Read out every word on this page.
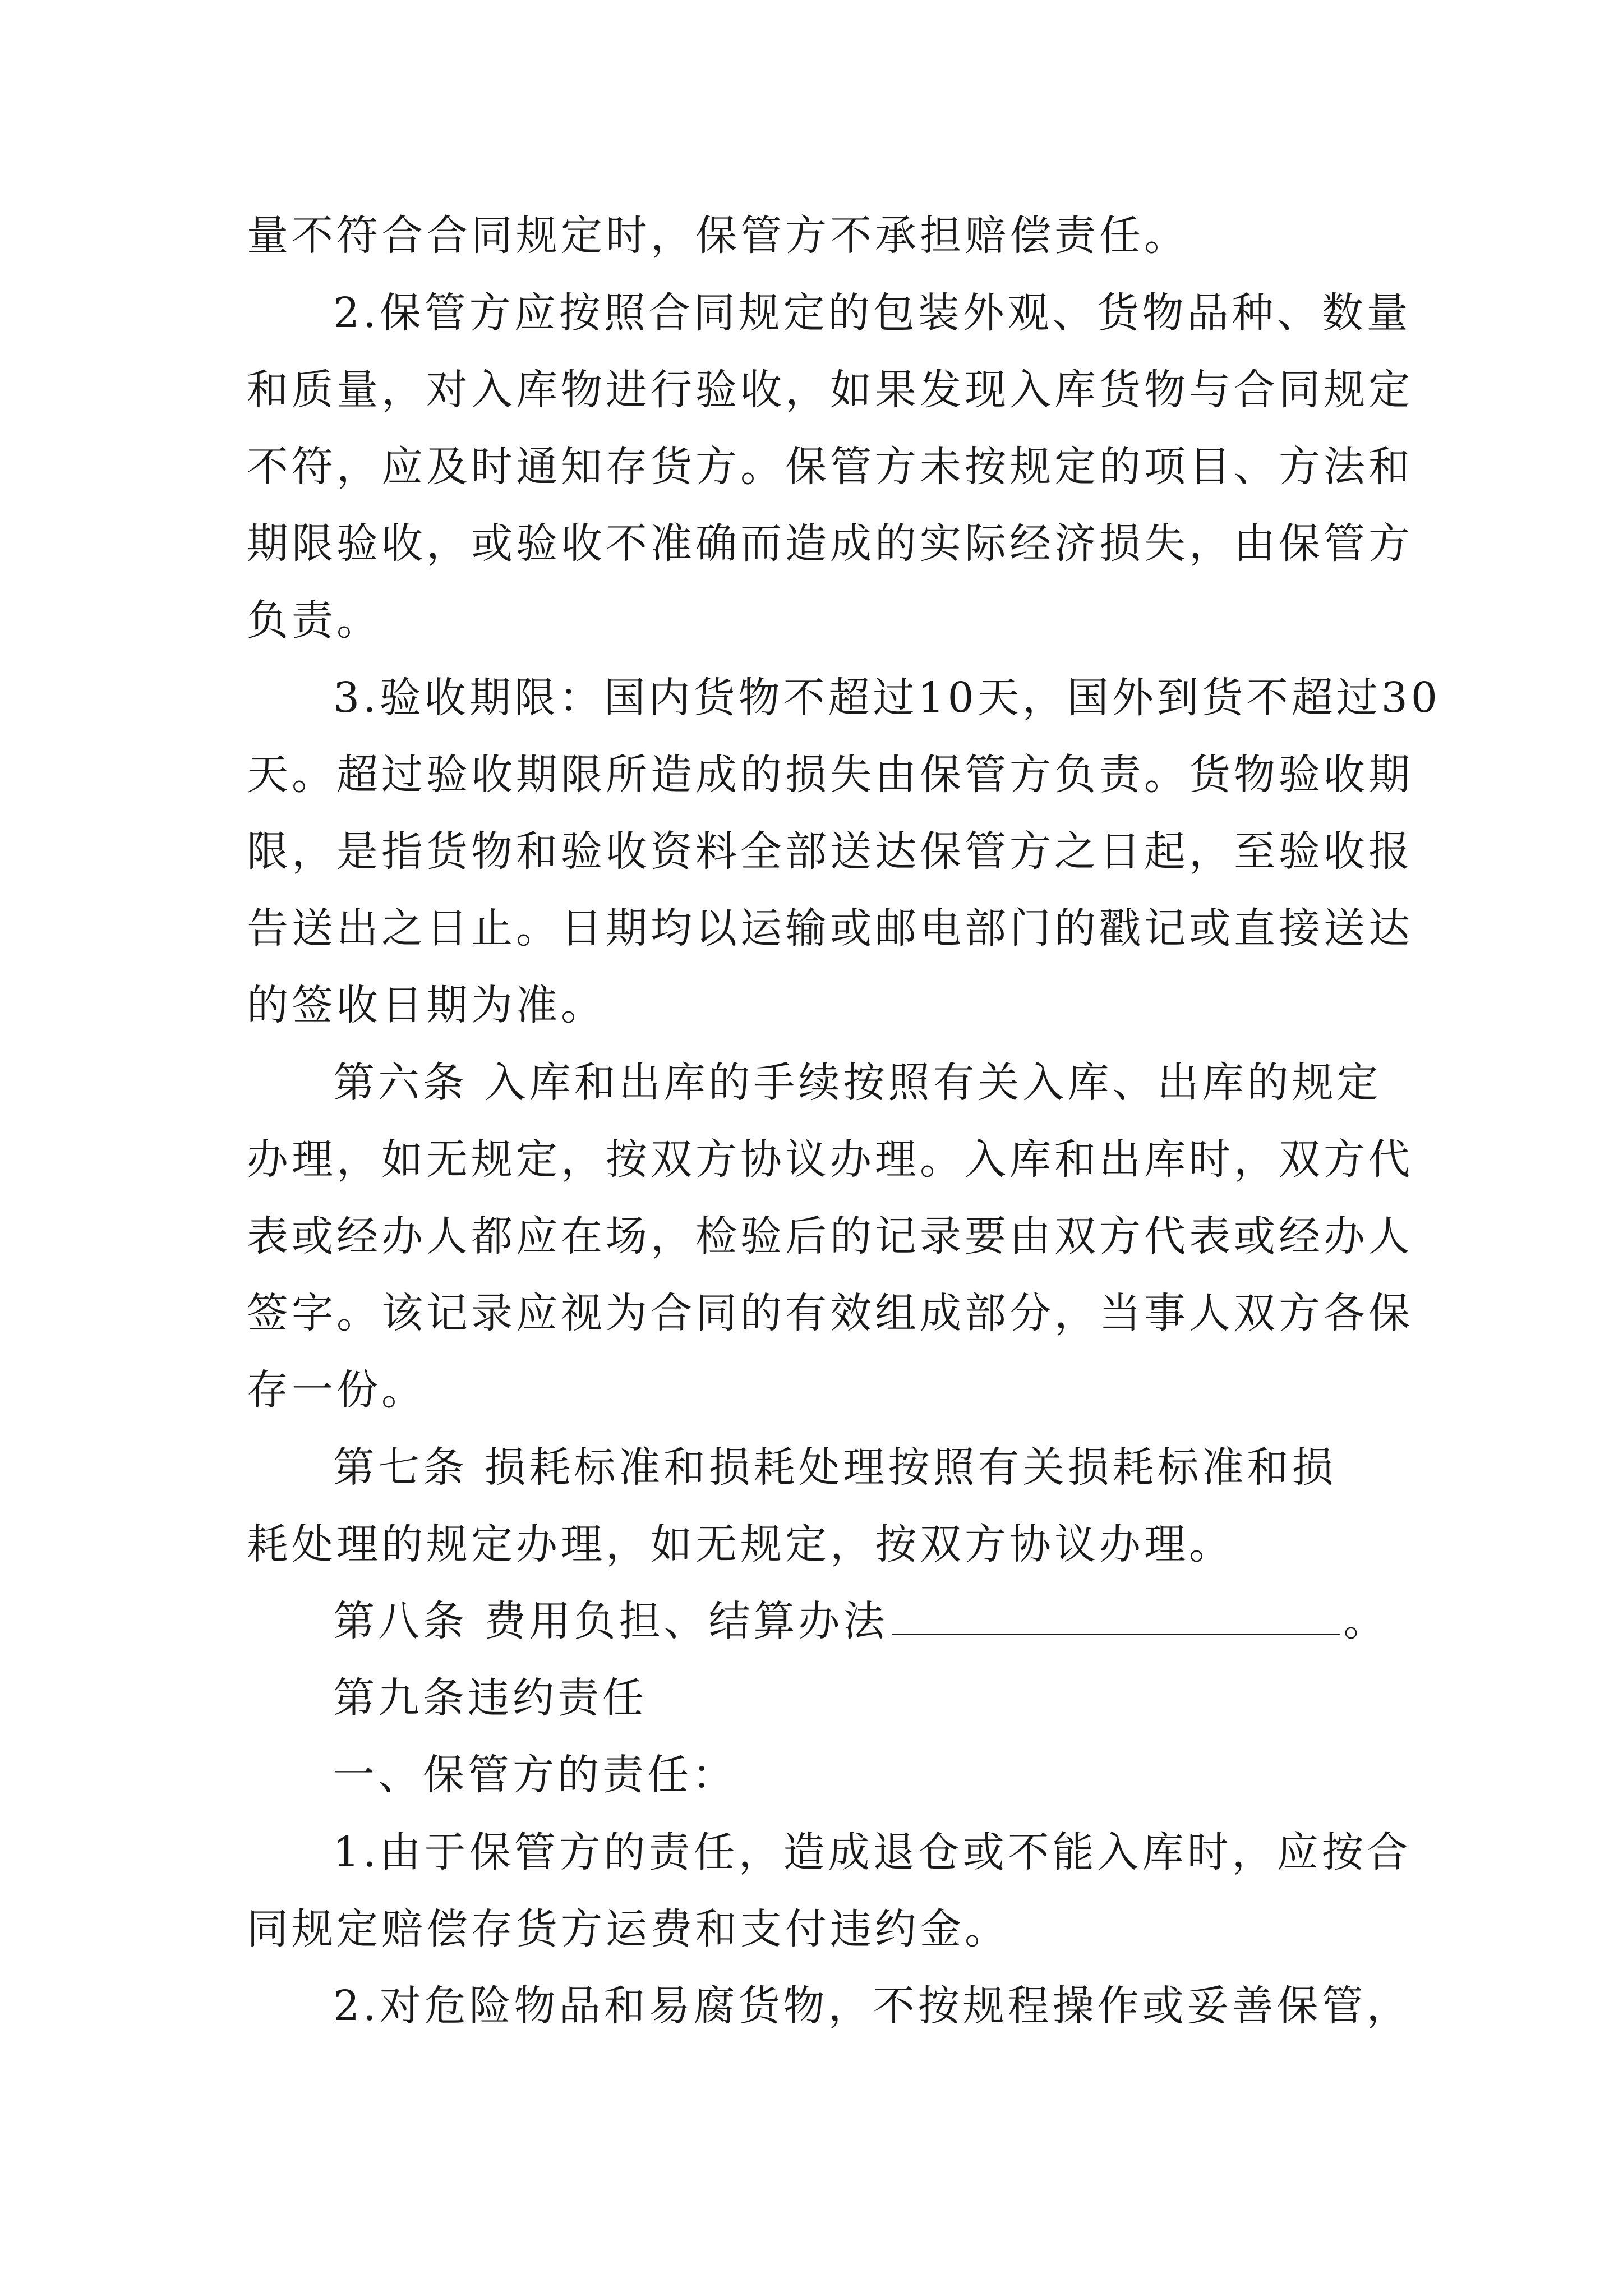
量不符合合同规定时，保管方不承担赔偿责任。
2.保管方应按照合同规定的包装外观、货物品种、数量
和质量，对入库物进行验收，如果发现入库货物与合同规定
不符，应及时通知存货方。保管方未按规定的项目、方法和
期限验收，或验收不准确而造成的实际经济损失，由保管方
负责。
3.验收期限：国内货物不超过10天，国外到货不超过30
天。超过验收期限所造成的损失由保管方负责。货物验收期
限，是指货物和验收资料全部送达保管方之日起，至验收报
告送出之日止。日期均以运输或邮电部门的戳记或直接送达
的签收日期为准。
第六条 入库和出库的手续按照有关入库、出库的规定
办理，如无规定，按双方协议办理。入库和出库时，双方代
表或经办人都应在场，检验后的记录要由双方代表或经办人
签字。该记录应视为合同的有效组成部分，当事人双方各保
存一份。
第七条 损耗标准和损耗处理按照有关损耗标准和损
耗处理的规定办理，如无规定，按双方协议办理。
第八条 费用负担、结算办法	。
第九条违约责任
一、保管方的责任：
1.由于保管方的责任，造成退仓或不能入库时，应按合
同规定赔偿存货方运费和支付违约金。
2.对危险物品和易腐货物，不按规程操作或妥善保管，
